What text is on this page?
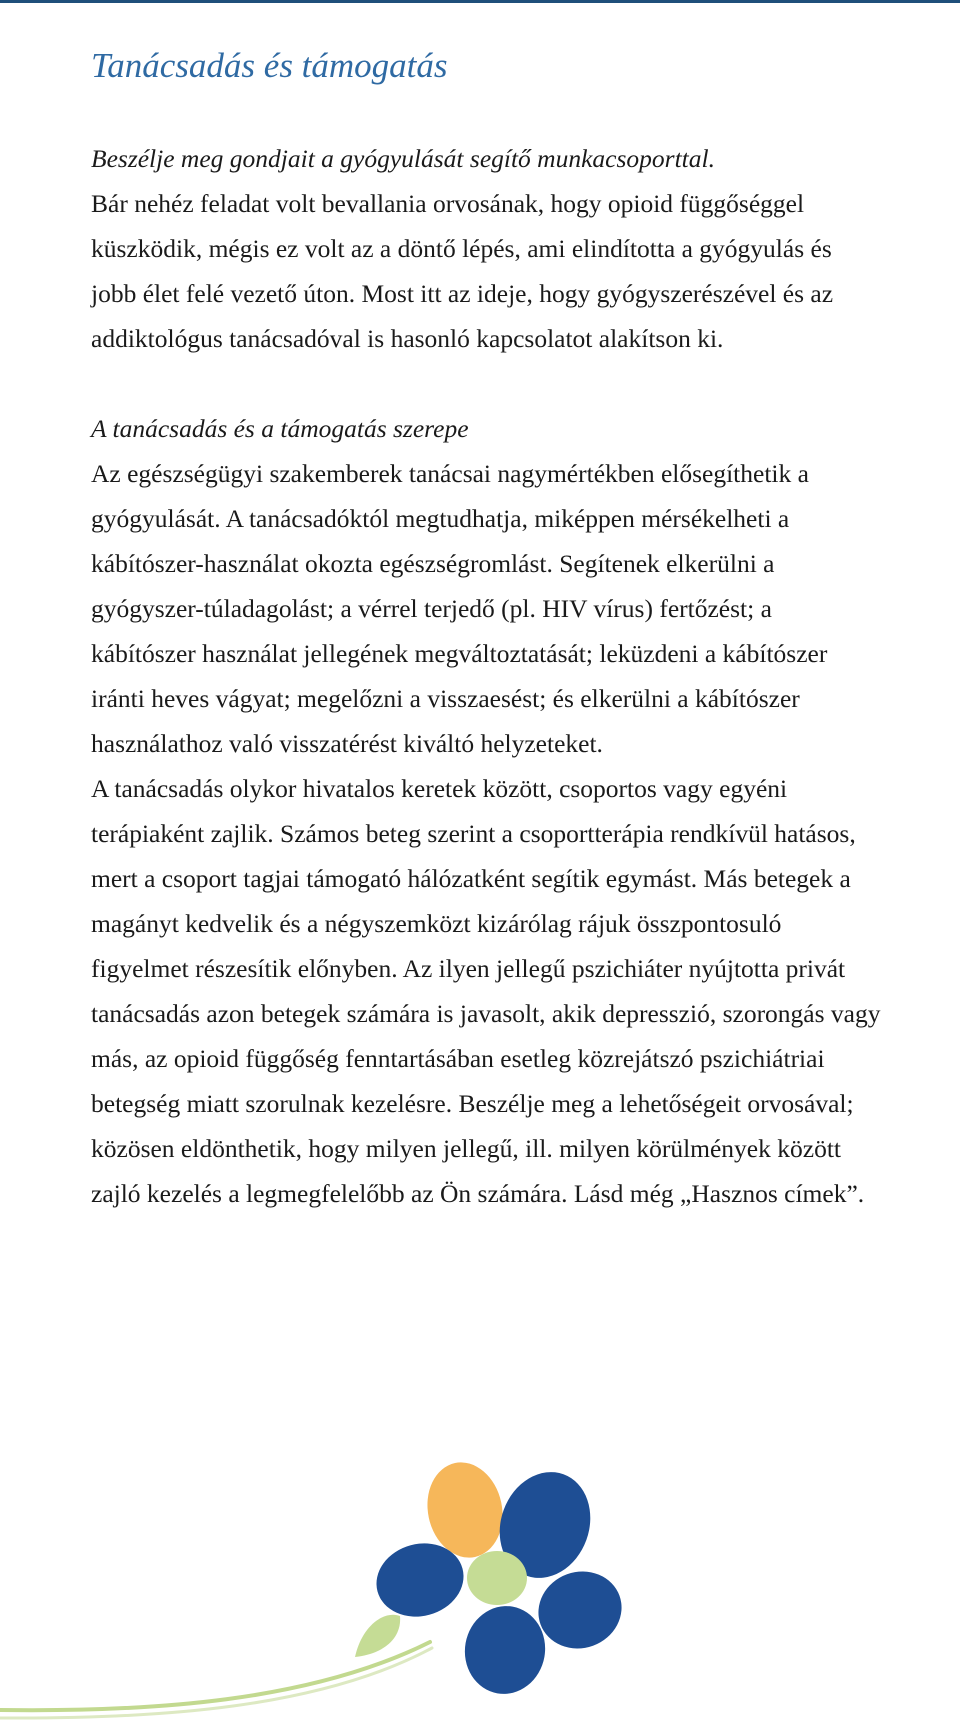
Tanácsadás és támogatás

Beszélje meg gondjait a gyógyulását segítő munkacsoporttal.

Bár nehéz feladat volt bevallania orvosának, hogy opioid függőséggel küszködik, mégis ez volt az a döntő lépés, ami elindította a gyógyulás és jobb élet felé vezető úton. Most itt az ideje, hogy gyógyszerészével és az addiktológus tanácsadóval is hasonló kapcsolatot alakítson ki.

A tanácsadás és a támogatás szerepe

Az egészségügyi szakemberek tanácsai nagymértékben elősegíthetik a gyógyulását. A tanácsadóktól megtudhatja, miképpen mérsékelheti a kábítószer-használat okozta egészségromlást. Segítenek elkerülni a gyógyszer-túladagolást; a vérrel terjedő (pl. HIV vírus) fertőzést; a kábítószer használat jellegének megváltoztatását; leküzdeni a kábítószer iránti heves vágyat; megelőzni a visszaesést; és elkerülni a kábítószer használathoz való visszatérést kiváltó helyzeteket.

A tanácsadás olykor hivatalos keretek között, csoportos vagy egyéni terápiaként zajlik. Számos beteg szerint a csoportterápia rendkívül hatásos, mert a csoport tagjai támogató hálózatként segítik egymást. Más betegek a magányt kedvelik és a négyszemközt kizárólag rájuk összpontosuló figyelmet részesítik előnyben. Az ilyen jellegű pszichiáter nyújtotta privát tanácsadás azon betegek számára is javasolt, akik depresszió, szorongás vagy más, az opioid függőség fenntartásában esetleg közrejátszó pszichiátriai betegség miatt szorulnak kezelésre. Beszélje meg a lehetőségeit orvosával; közösen eldönthetik, hogy milyen jellegű, ill. milyen körülmények között zajló kezelés a legmegfelelőbb az Ön számára. Lásd még „Hasznos címek”.
